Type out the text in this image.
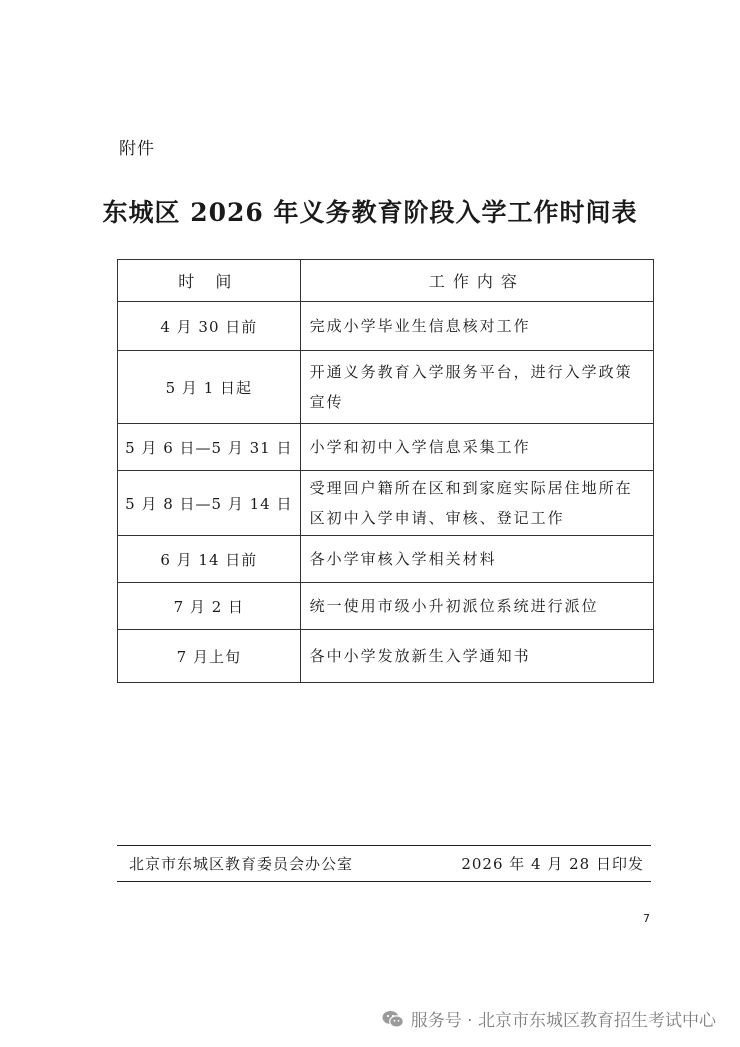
附件
东城区 2026 年义务教育阶段入学工作时间表
时 间	工作内容
4 月 30 日前	完成小学毕业生信息核对工作
5 月 1 日起	开通义务教育入学服务平台，进行入学政策宣传
5 月 6 日—5 月 31 日	小学和初中入学信息采集工作
5 月 8 日—5 月 14 日	受理回户籍所在区和到家庭实际居住地所在区初中入学申请、审核、登记工作
6 月 14 日前	各小学审核入学相关材料
7 月 2 日	统一使用市级小升初派位系统进行派位
7 月上旬	各中小学发放新生入学通知书
北京市东城区教育委员会办公室	2026 年 4 月 28 日印发
7
服务号 · 北京市东城区教育招生考试中心
